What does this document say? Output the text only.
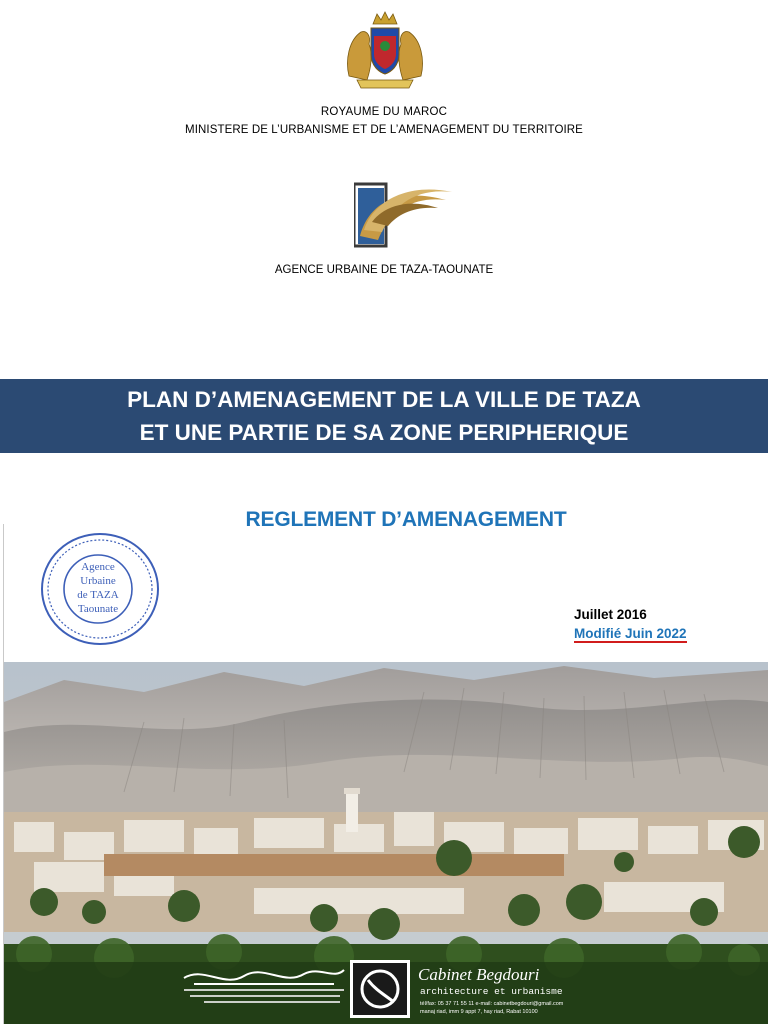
ROYAUME DU MAROC
MINISTERE DE L’URBANISME ET DE L’AMENAGEMENT DU TERRITOIRE
AGENCE URBAINE DE TAZA-TAOUNATE
PLAN D’AMENAGEMENT DE LA VILLE DE TAZA
ET UNE PARTIE DE SA ZONE PERIPHERIQUE
REGLEMENT D’AMENAGEMENT
Agence
Urbaine
de TAZA
Taounate	Juillet 2016
Modifié Juin 2022
Cabinet Begdouri
architecture et urbanisme
tél/fax: 05 37 71 55 11 e-mail: cabinetbegdouri@gmail.com
manaj riad, imm 9 appt 7, hay riad, Rabat 10100
